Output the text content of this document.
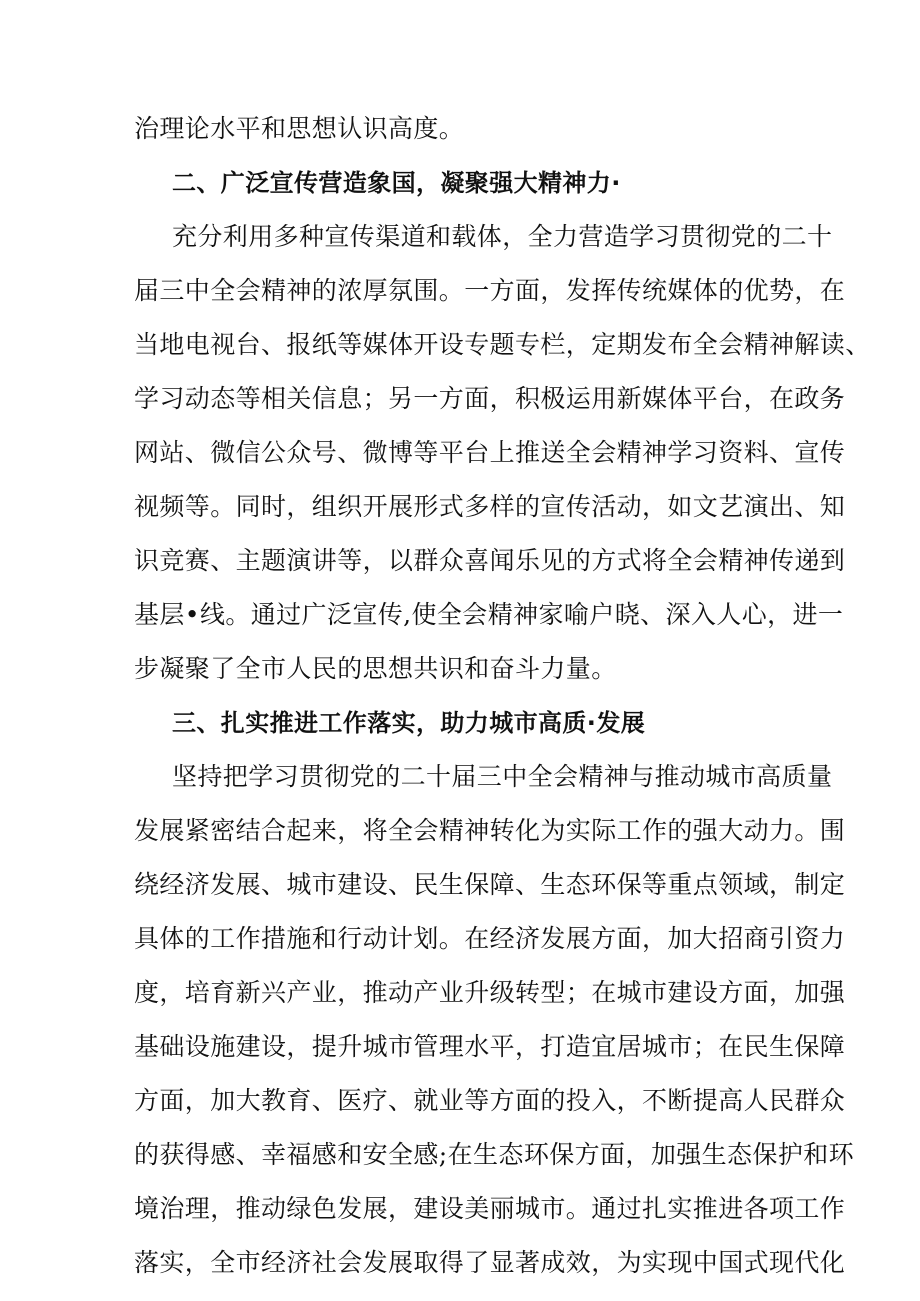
治理论水平和思想认识高度。
二、广泛宣传营造象国，凝聚强大精神力·
充分利用多种宣传渠道和载体，全力营造学习贯彻党的二十
届三中全会精神的浓厚氛围。一方面，发挥传统媒体的优势，在
当地电视台、报纸等媒体开设专题专栏，定期发布全会精神解读、
学习动态等相关信息；另一方面，积极运用新媒体平台，在政务
网站、微信公众号、微博等平台上推送全会精神学习资料、宣传
视频等。同时，组织开展形式多样的宣传活动，如文艺演出、知
识竞赛、主题演讲等，以群众喜闻乐见的方式将全会精神传递到
基层•线。通过广泛宣传,使全会精神家喻户晓、深入人心，进一
步凝聚了全市人民的思想共识和奋斗力量。
三、扎实推进工作落实，助力城市高质·发展
坚持把学习贯彻党的二十届三中全会精神与推动城市高质量
发展紧密结合起来，将全会精神转化为实际工作的强大动力。围
绕经济发展、城市建设、民生保障、生态环保等重点领域，制定
具体的工作措施和行动计划。在经济发展方面，加大招商引资力
度，培育新兴产业，推动产业升级转型；在城市建设方面，加强
基础设施建设，提升城市管理水平，打造宜居城市；在民生保障
方面，加大教育、医疗、就业等方面的投入，不断提高人民群众
的获得感、幸福感和安全感;在生态环保方面，加强生态保护和环
境治理，推动绿色发展，建设美丽城市。通过扎实推进各项工作
落实，全市经济社会发展取得了显著成效，为实现中国式现代化
